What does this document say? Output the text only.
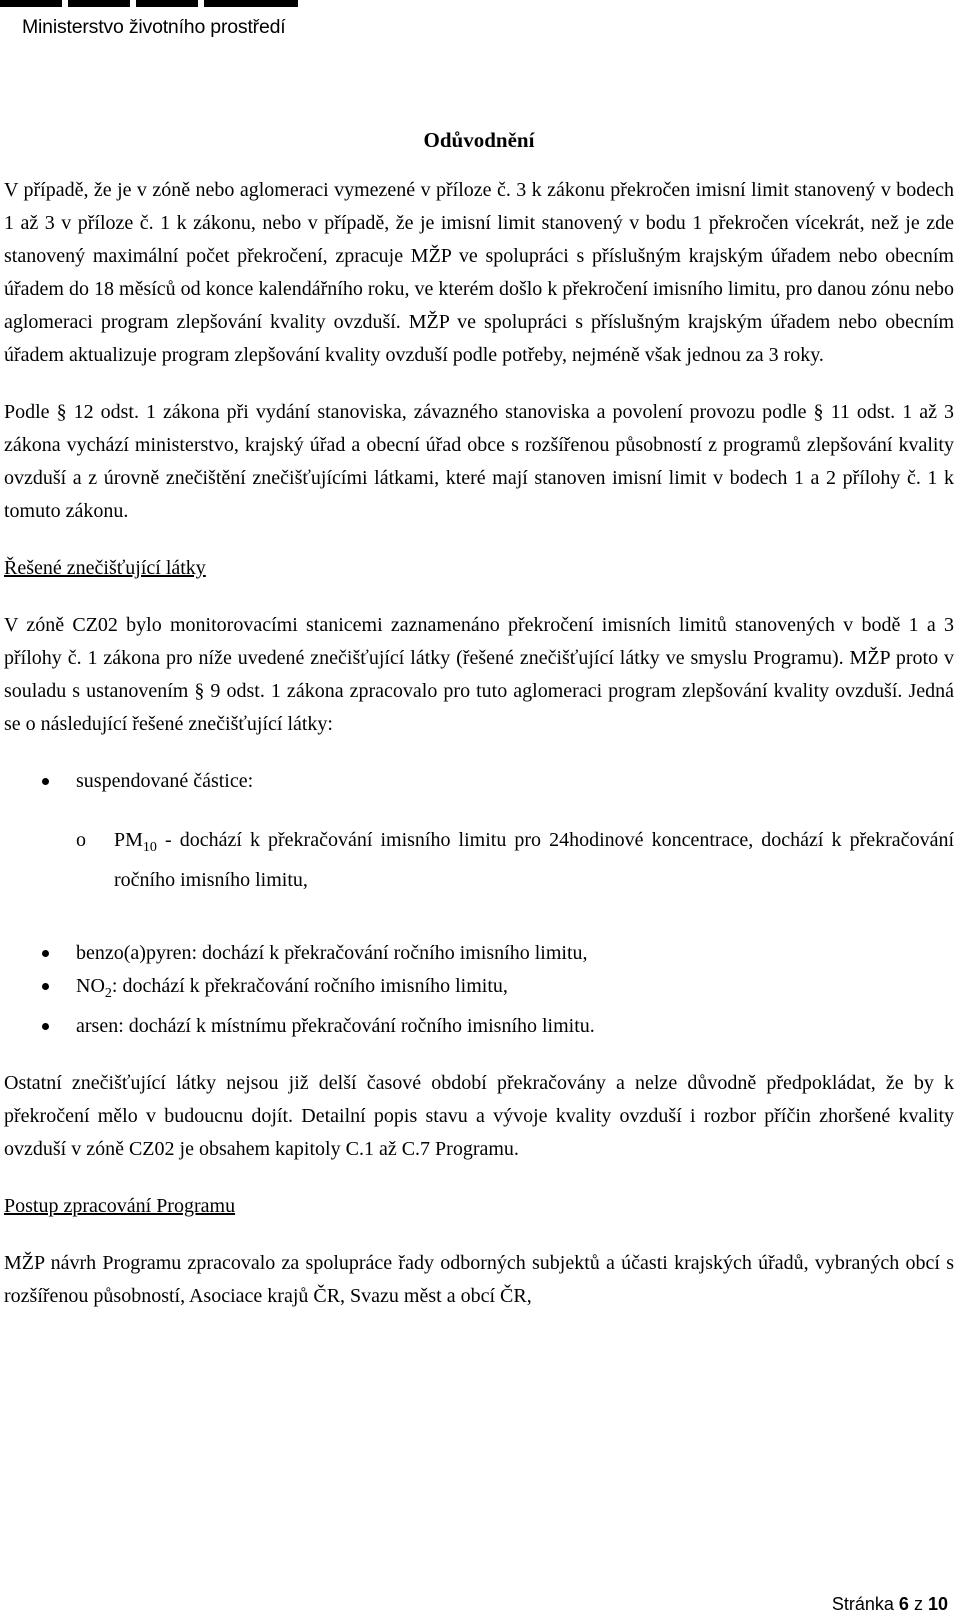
Ministerstvo životního prostředí
Odůvodnění

V případě, že je v zóně nebo aglomeraci vymezené v příloze č. 3 k zákonu překročen imisní limit stanovený v bodech 1 až 3 v příloze č. 1 k zákonu, nebo v případě, že je imisní limit stanovený v bodu 1 překročen vícekrát, než je zde stanovený maximální počet překročení, zpracuje MŽP ve spolupráci s příslušným krajským úřadem nebo obecním úřadem do 18 měsíců od konce kalendářního roku, ve kterém došlo k překročení imisního limitu, pro danou zónu nebo aglomeraci program zlepšování kvality ovzduší. MŽP ve spolupráci s příslušným krajským úřadem nebo obecním úřadem aktualizuje program zlepšování kvality ovzduší podle potřeby, nejméně však jednou za 3 roky.

Podle § 12 odst. 1 zákona při vydání stanoviska, závazného stanoviska a povolení provozu podle § 11 odst. 1 až 3 zákona vychází ministerstvo, krajský úřad a obecní úřad obce s rozšířenou působností z programů zlepšování kvality ovzduší a z úrovně znečištění znečišťujícími látkami, které mají stanoven imisní limit v bodech 1 a 2 přílohy č. 1 k tomuto zákonu.

Řešené znečišťující látky

V zóně CZ02 bylo monitorovacími stanicemi zaznamenáno překročení imisních limitů stanovených v bodě 1 a 3 přílohy č. 1 zákona pro níže uvedené znečišťující látky (řešené znečišťující látky ve smyslu Programu). MŽP proto v souladu s ustanovením § 9 odst. 1 zákona zpracovalo pro tuto aglomeraci program zlepšování kvality ovzduší. Jedná se o následující řešené znečišťující látky:

suspendované částice:
o $PM_{10}$ - dochází k překračování imisního limitu pro 24hodinové koncentrace, dochází k překračování ročního imisního limitu,
benzo(a)pyren: dochází k překračování ročního imisního limitu,
$NO_2$: dochází k překračování ročního imisního limitu,
arsen: dochází k místnímu překračování ročního imisního limitu.

Ostatní znečišťující látky nejsou již delší časové období překračovány a nelze důvodně předpokládat, že by k překročení mělo v budoucnu dojít. Detailní popis stavu a vývoje kvality ovzduší i rozbor příčin zhoršené kvality ovzduší v zóně CZ02 je obsahem kapitoly C.1 až C.7 Programu.

Postup zpracování Programu

MŽP návrh Programu zpracovalo za spolupráce řady odborných subjektů a účasti krajských úřadů, vybraných obcí s rozšířenou působností, Asociace krajů ČR, Svazu měst a obcí ČR,

Stránka 6 z 10
